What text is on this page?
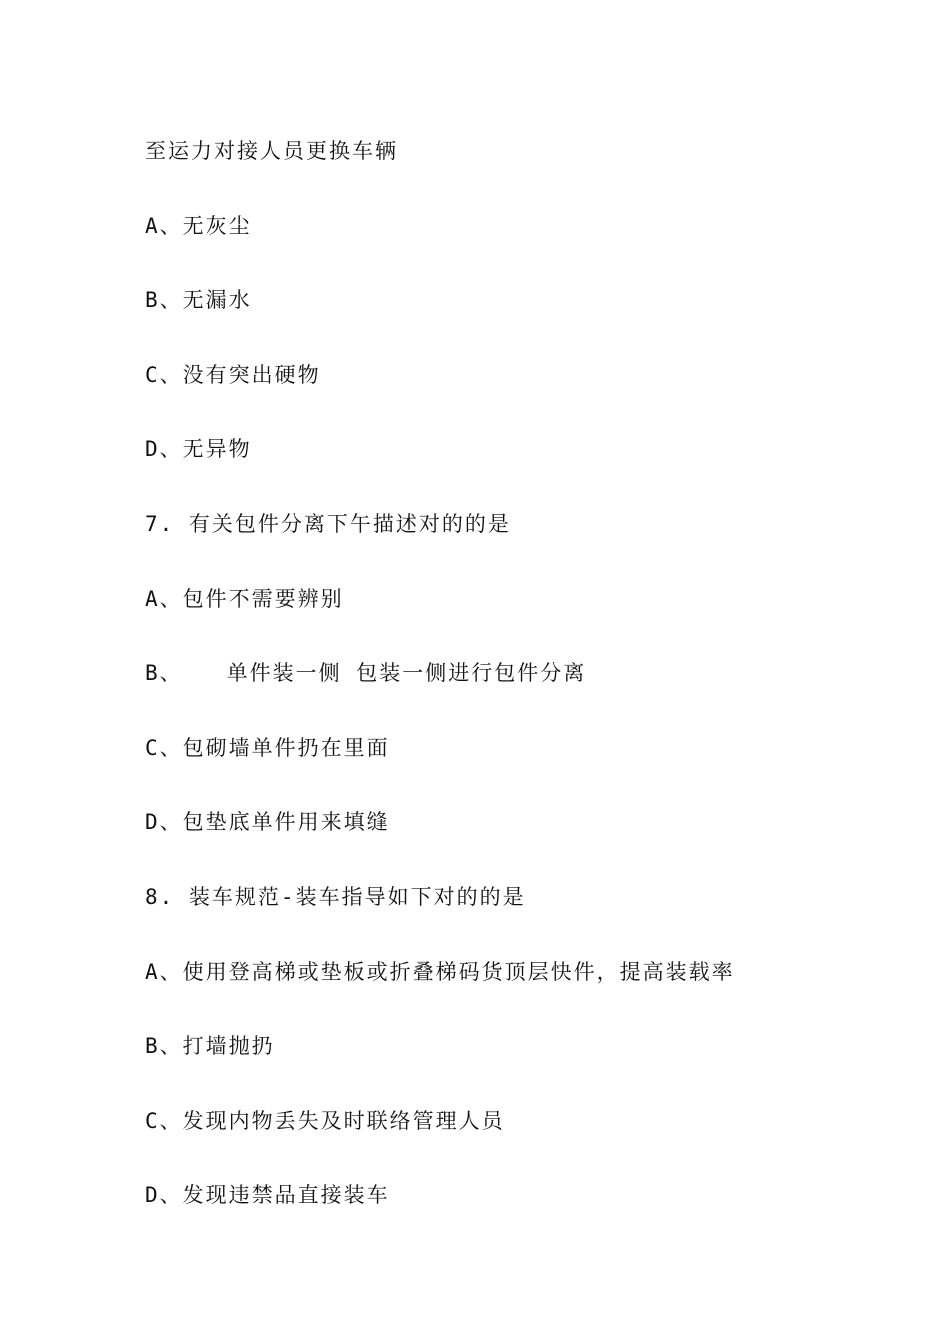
至运力对接人员更换车辆
A、无灰尘
B、无漏水
C、没有突出硬物
D、无异物
7. 有关包件分离下午描述对的的是
A、包件不需要辨别
B、   单件装一侧 包装一侧进行包件分离
C、包砌墙单件扔在里面
D、包垫底单件用来填缝
8. 装车规范-装车指导如下对的的是
A、使用登高梯或垫板或折叠梯码货顶层快件，提高装载率
B、打墙抛扔
C、发现内物丢失及时联络管理人员
D、发现违禁品直接装车
